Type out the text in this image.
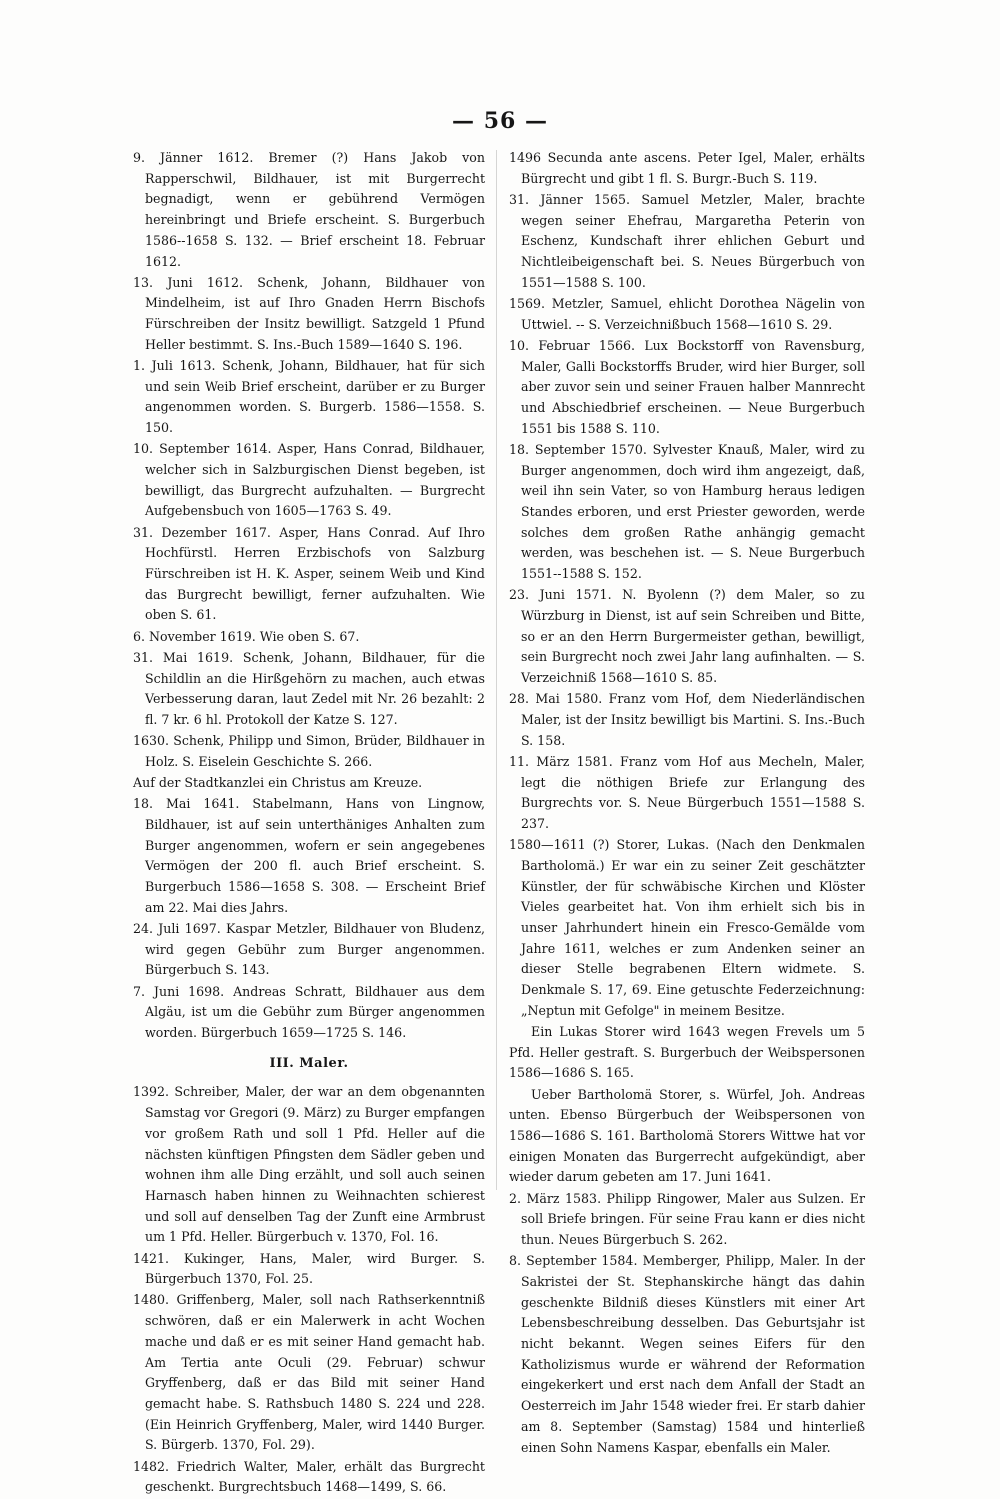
— 56 —

9. Jänner 1612. Bremer (?) Hans Jakob von Rapperschwil, Bildhauer, ist mit Burgerrecht begnadigt, wenn er gebührend Vermögen hereinbringt und Briefe erscheint. S. Burgerbuch 1586--1658 S. 132. — Brief erscheint 18. Februar 1612.

13. Juni 1612. Schenk, Johann, Bildhauer von Mindelheim, ist auf Ihro Gnaden Herrn Bischofs Fürschreiben der Insitz bewilligt. Satzgeld 1 Pfund Heller bestimmt. S. Ins.-Buch 1589—1640 S. 196.

1. Juli 1613. Schenk, Johann, Bildhauer, hat für sich und sein Weib Brief erscheint, darüber er zu Burger angenommen worden. S. Burgerb. 1586—1558. S. 150.

10. September 1614. Asper, Hans Conrad, Bildhauer, welcher sich in Salzburgischen Dienst begeben, ist bewilligt, das Burgrecht aufzuhalten. — Burgrecht Aufgebensbuch von 1605—1763 S. 49.

31. Dezember 1617. Asper, Hans Conrad. Auf Ihro Hochfürstl. Herren Erzbischofs von Salzburg Fürschreiben ist H. K. Asper, seinem Weib und Kind das Burgrecht bewilligt, ferner aufzuhalten. Wie oben S. 61.

6. November 1619. Wie oben S. 67.

31. Mai 1619. Schenk, Johann, Bildhauer, für die Schildlin an die Hirßgehörn zu machen, auch etwas Verbesserung daran, laut Zedel mit Nr. 26 bezahlt: 2 fl. 7 kr. 6 hl. Protokoll der Katze S. 127.

1630. Schenk, Philipp und Simon, Brüder, Bildhauer in Holz. S. Eiselein Geschichte S. 266.

Auf der Stadtkanzlei ein Christus am Kreuze.

18. Mai 1641. Stabelmann, Hans von Lingnow, Bildhauer, ist auf sein unterthäniges Anhalten zum Burger angenommen, wofern er sein angegebenes Vermögen der 200 fl. auch Brief erscheint. S. Burgerbuch 1586—1658 S. 308. — Erscheint Brief am 22. Mai dies Jahrs.

24. Juli 1697. Kaspar Metzler, Bildhauer von Bludenz, wird gegen Gebühr zum Burger angenommen. Bürgerbuch S. 143.

7. Juni 1698. Andreas Schratt, Bildhauer aus dem Algäu, ist um die Gebühr zum Bürger angenommen worden. Bürgerbuch 1659—1725 S. 146.

III. Maler.

1392. Schreiber, Maler, der war an dem obgenannten Samstag vor Gregori (9. März) zu Burger empfangen vor großem Rath und soll 1 Pfd. Heller auf die nächsten künftigen Pfingsten dem Sädler geben und wohnen ihm alle Ding erzählt, und soll auch seinen Harnasch haben hinnen zu Weihnachten schierest und soll auf denselben Tag der Zunft eine Armbrust um 1 Pfd. Heller. Bürgerbuch v. 1370, Fol. 16.

1421. Kukinger, Hans, Maler, wird Burger. S. Bürgerbuch 1370, Fol. 25.

1480. Griffenberg, Maler, soll nach Rathserkenntniß schwören, daß er ein Malerwerk in acht Wochen mache und daß er es mit seiner Hand gemacht hab. Am Tertia ante Oculi (29. Februar) schwur Gryffenberg, daß er das Bild mit seiner Hand gemacht habe. S. Rathsbuch 1480 S. 224 und 228. (Ein Heinrich Gryffenberg, Maler, wird 1440 Burger. S. Bürgerb. 1370, Fol. 29).

1482. Friedrich Walter, Maler, erhält das Burgrecht geschenkt. Burgrechtsbuch 1468—1499, S. 66.

1496 Secunda ante ascens. Peter Igel, Maler, erhälts Bürgrecht und gibt 1 fl. S. Burgr.-Buch S. 119.

31. Jänner 1565. Samuel Metzler, Maler, brachte wegen seiner Ehefrau, Margaretha Peterin von Eschenz, Kundschaft ihrer ehlichen Geburt und Nichtleibeigenschaft bei. S. Neues Bürgerbuch von 1551—1588 S. 100.

1569. Metzler, Samuel, ehlicht Dorothea Nägelin von Uttwiel. -- S. Verzeichnißbuch 1568—1610 S. 29.

10. Februar 1566. Lux Bockstorff von Ravensburg, Maler, Galli Bockstorffs Bruder, wird hier Burger, soll aber zuvor sein und seiner Frauen halber Mannrecht und Abschiedbrief erscheinen. — Neue Burgerbuch 1551 bis 1588 S. 110.

18. September 1570. Sylvester Knauß, Maler, wird zu Burger angenommen, doch wird ihm angezeigt, daß, weil ihn sein Vater, so von Hamburg heraus ledigen Standes erboren, und erst Priester geworden, werde solches dem großen Rathe anhängig gemacht werden, was beschehen ist. — S. Neue Burgerbuch 1551--1588 S. 152.

23. Juni 1571. N. Byolenn (?) dem Maler, so zu Würzburg in Dienst, ist auf sein Schreiben und Bitte, so er an den Herrn Burgermeister gethan, bewilligt, sein Burgrecht noch zwei Jahr lang aufinhalten. — S. Verzeichniß 1568—1610 S. 85.

28. Mai 1580. Franz vom Hof, dem Niederländischen Maler, ist der Insitz bewilligt bis Martini. S. Ins.-Buch S. 158.

11. März 1581. Franz vom Hof aus Mecheln, Maler, legt die nöthigen Briefe zur Erlangung des Burgrechts vor. S. Neue Bürgerbuch 1551—1588 S. 237.

1580—1611 (?) Storer, Lukas. (Nach den Denkmalen Bartholomä.) Er war ein zu seiner Zeit geschätzter Künstler, der für schwäbische Kirchen und Klöster Vieles gearbeitet hat. Von ihm erhielt sich bis in unser Jahrhundert hinein ein Fresco-Gemälde vom Jahre 1611, welches er zum Andenken seiner an dieser Stelle begrabenen Eltern widmete. S. Denkmale S. 17, 69. Eine getuschte Federzeichnung: „Neptun mit Gefolge" in meinem Besitze.

Ein Lukas Storer wird 1643 wegen Frevels um 5 Pfd. Heller gestraft. S. Burgerbuch der Weibspersonen 1586—1686 S. 165.

Ueber Bartholomä Storer, s. Würfel, Joh. Andreas unten. Ebenso Bürgerbuch der Weibspersonen von 1586—1686 S. 161. Bartholomä Storers Wittwe hat vor einigen Monaten das Burgerrecht aufgekündigt, aber wieder darum gebeten am 17. Juni 1641.

2. März 1583. Philipp Ringower, Maler aus Sulzen. Er soll Briefe bringen. Für seine Frau kann er dies nicht thun. Neues Bürgerbuch S. 262.

8. September 1584. Memberger, Philipp, Maler. In der Sakristei der St. Stephanskirche hängt das dahin geschenkte Bildniß dieses Künstlers mit einer Art Lebensbeschreibung desselben. Das Geburtsjahr ist nicht bekannt. Wegen seines Eifers für den Katholizismus wurde er während der Reformation eingekerkert und erst nach dem Anfall der Stadt an Oesterreich im Jahr 1548 wieder frei. Er starb dahier am 8. September (Samstag) 1584 und hinterließ einen Sohn Namens Kaspar, ebenfalls ein Maler.
